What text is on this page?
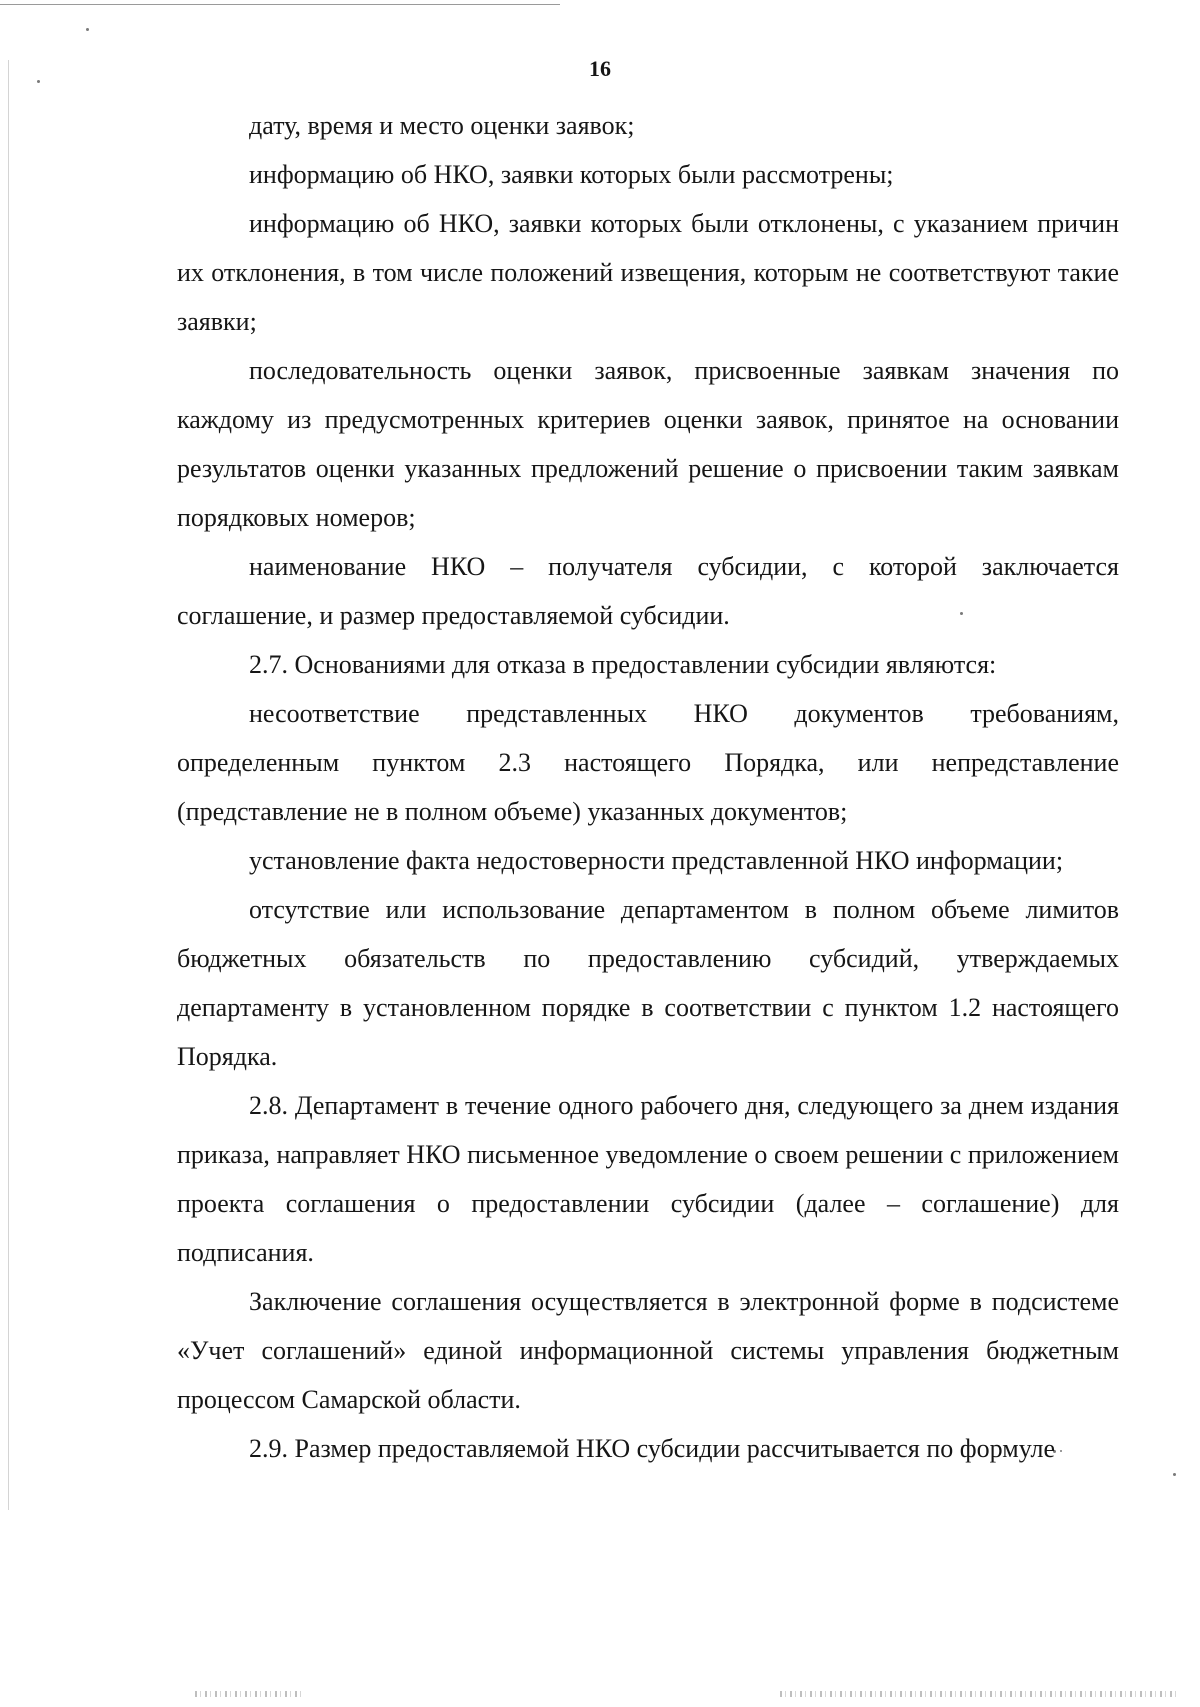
16

дату, время и место оценки заявок;

информацию об НКО, заявки которых были рассмотрены;

информацию об НКО, заявки которых были отклонены, с указанием причин их отклонения, в том числе положений извещения, которым не соответствуют такие заявки;

последовательность оценки заявок, присвоенные заявкам значения по каждому из предусмотренных критериев оценки заявок, принятое на основании результатов оценки указанных предложений решение о присвоении таким заявкам порядковых номеров;

наименование НКО – получателя субсидии, с которой заключается соглашение, и размер предоставляемой субсидии.

2.7. Основаниями для отказа в предоставлении субсидии являются:

несоответствие представленных НКО документов требованиям, определенным пунктом 2.3 настоящего Порядка, или непредставление (представление не в полном объеме) указанных документов;

установление факта недостоверности представленной НКО информации;

отсутствие или использование департаментом в полном объеме лимитов бюджетных обязательств по предоставлению субсидий, утверждаемых департаменту в установленном порядке в соответствии с пунктом 1.2 настоящего Порядка.

2.8. Департамент в течение одного рабочего дня, следующего за днем издания приказа, направляет НКО письменное уведомление о своем решении с приложением проекта соглашения о предоставлении субсидии (далее – соглашение) для подписания.

Заключение соглашения осуществляется в электронной форме в подсистеме «Учет соглашений» единой информационной системы управления бюджетным процессом Самарской области.

2.9. Размер предоставляемой НКО субсидии рассчитывается по формуле
